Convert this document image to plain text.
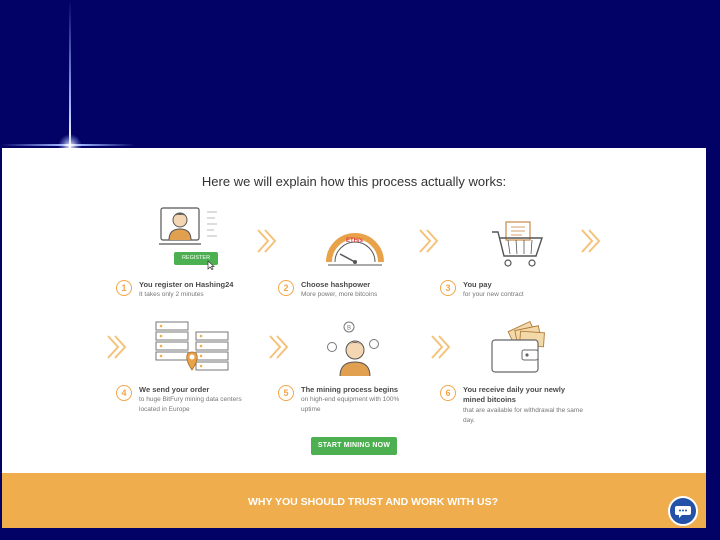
Here we will explain how this process actually works:
REGISTER
ETH/s
1	You register on Hashing24
It takes only 2 minutes
2	Choose hashpower
More power, more bitcoins
3	You pay
for your new contract
B
4	We send your order
to huge BitFury mining data centers located in Europe
5	The mining process begins
on high-end equipment with 100% uptime
6	You receive daily your newly mined bitcoins
that are available for withdrawal the same day.
START MINING NOW
WHY YOU SHOULD TRUST AND WORK WITH US?
